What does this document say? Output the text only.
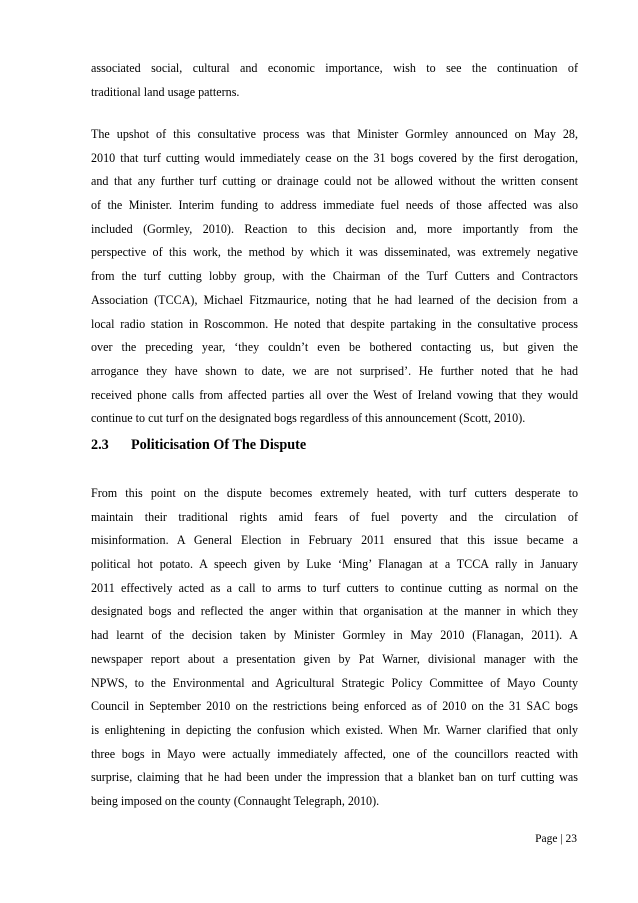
associated social, cultural and economic importance, wish to see the continuation of
traditional land usage patterns.
The upshot of this consultative process was that Minister Gormley announced on May 28,
2010 that turf cutting would immediately cease on the 31 bogs covered by the first derogation,
and that any further turf cutting or drainage could not be allowed without the written consent
of the Minister. Interim funding to address immediate fuel needs of those affected was also
included (Gormley, 2010). Reaction to this decision and, more importantly from the
perspective of this work, the method by which it was disseminated, was extremely negative
from the turf cutting lobby group, with the Chairman of the Turf Cutters and Contractors
Association (TCCA), Michael Fitzmaurice, noting that he had learned of the decision from a
local radio station in Roscommon. He noted that despite partaking in the consultative process
over the preceding year, ‘they couldn’t even be bothered contacting us, but given the
arrogance they have shown to date, we are not surprised’. He further noted that he had
received phone calls from affected parties all over the West of Ireland vowing that they would
continue to cut turf on the designated bogs regardless of this announcement (Scott, 2010).
2.3 Politicisation Of The Dispute
From this point on the dispute becomes extremely heated, with turf cutters desperate to
maintain their traditional rights amid fears of fuel poverty and the circulation of
misinformation. A General Election in February 2011 ensured that this issue became a
political hot potato. A speech given by Luke ‘Ming’ Flanagan at a TCCA rally in January
2011 effectively acted as a call to arms to turf cutters to continue cutting as normal on the
designated bogs and reflected the anger within that organisation at the manner in which they
had learnt of the decision taken by Minister Gormley in May 2010 (Flanagan, 2011). A
newspaper report about a presentation given by Pat Warner, divisional manager with the
NPWS, to the Environmental and Agricultural Strategic Policy Committee of Mayo County
Council in September 2010 on the restrictions being enforced as of 2010 on the 31 SAC bogs
is enlightening in depicting the confusion which existed. When Mr. Warner clarified that only
three bogs in Mayo were actually immediately affected, one of the councillors reacted with
surprise, claiming that he had been under the impression that a blanket ban on turf cutting was
being imposed on the county (Connaught Telegraph, 2010).
Page | 23
